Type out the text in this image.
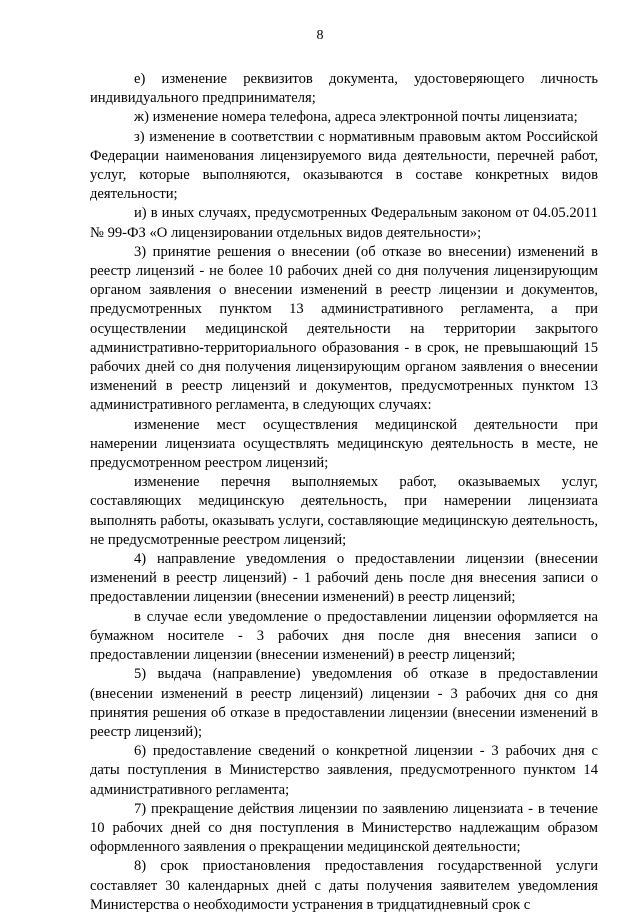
8

е) изменение реквизитов документа, удостоверяющего личность индивидуального предпринимателя;

ж) изменение номера телефона, адреса электронной почты лицензиата;

з) изменение в соответствии с нормативным правовым актом Российской Федерации наименования лицензируемого вида деятельности, перечней работ, услуг, которые выполняются, оказываются в составе конкретных видов деятельности;

и) в иных случаях, предусмотренных Федеральным законом от 04.05.2011 № 99-ФЗ «О лицензировании отдельных видов деятельности»;

3) принятие решения о внесении (об отказе во внесении) изменений в реестр лицензий - не более 10 рабочих дней со дня получения лицензирующим органом заявления о внесении изменений в реестр лицензии и документов, предусмотренных пунктом 13 административного регламента, а при осуществлении медицинской деятельности на территории закрытого административно-территориального образования - в срок, не превышающий 15 рабочих дней со дня получения лицензирующим органом заявления о внесении изменений в реестр лицензий и документов, предусмотренных пунктом 13 административного регламента, в следующих случаях:

изменение мест осуществления медицинской деятельности при намерении лицензиата осуществлять медицинскую деятельность в месте, не предусмотренном реестром лицензий;

изменение перечня выполняемых работ, оказываемых услуг, составляющих медицинскую деятельность, при намерении лицензиата выполнять работы, оказывать услуги, составляющие медицинскую деятельность, не предусмотренные реестром лицензий;

4) направление уведомления о предоставлении лицензии (внесении изменений в реестр лицензий) - 1 рабочий день после дня внесения записи о предоставлении лицензии (внесении изменений) в реестр лицензий;

в случае если уведомление о предоставлении лицензии оформляется на бумажном носителе - 3 рабочих дня после дня внесения записи о предоставлении лицензии (внесении изменений) в реестр лицензий;

5) выдача (направление) уведомления об отказе в предоставлении (внесении изменений в реестр лицензий) лицензии - 3 рабочих дня со дня принятия решения об отказе в предоставлении лицензии (внесении изменений в реестр лицензий);

6) предоставление сведений о конкретной лицензии - 3 рабочих дня с даты поступления в Министерство заявления, предусмотренного пунктом 14 административного регламента;

7) прекращение действия лицензии по заявлению лицензиата - в течение 10 рабочих дней со дня поступления в Министерство надлежащим образом оформленного заявления о прекращении медицинской деятельности;

8) срок приостановления предоставления государственной услуги составляет 30 календарных дней с даты получения заявителем уведомления Министерства о необходимости устранения в тридцатидневный срок с
